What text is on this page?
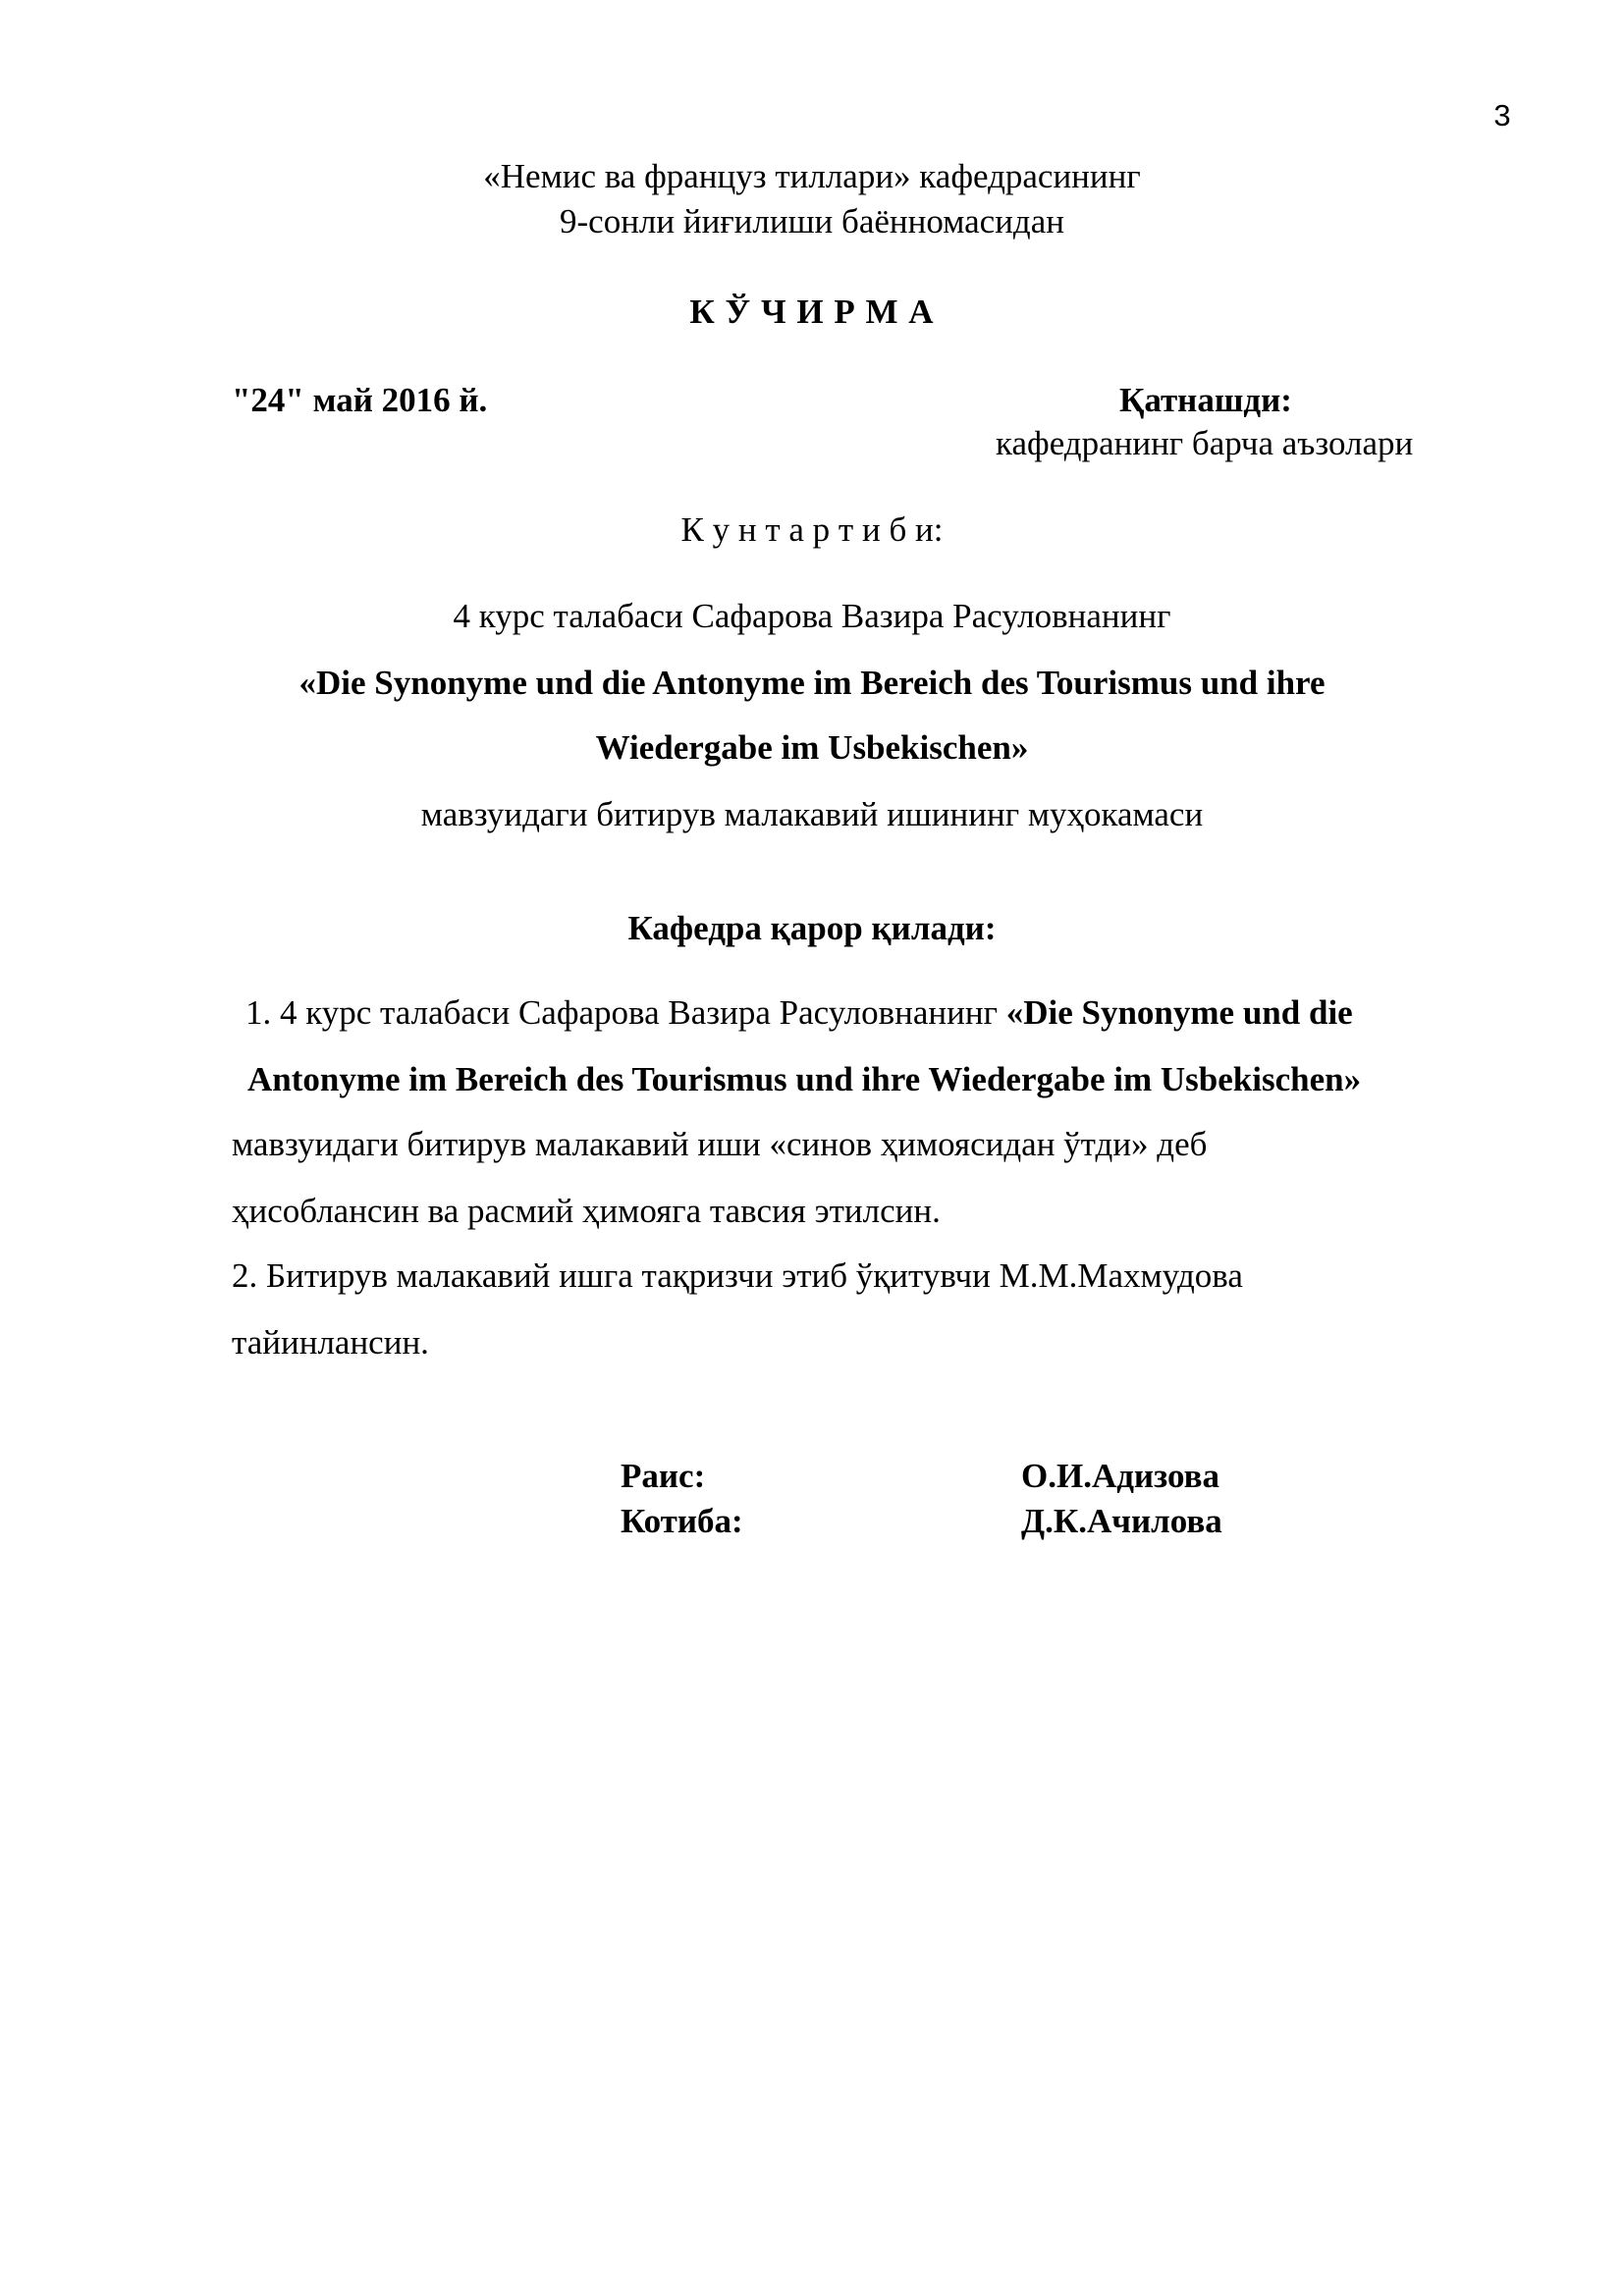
3
«Немис ва француз тиллари» кафедрасининг
9-сонли йиғилиши баённомасидан
К Ў Ч И Р М А
"24" май 2016 й.	Қатнашди:
кафедранинг барча аъзолари
К у н т а р т и б и:
4 курс талабаси Сафарова Вазира Расуловнанинг
«Die Synonyme und die Antonyme im Bereich des Tourismus und ihre
Wiedergabe im Usbekischen»
мавзуидаги битирув малакавий ишининг муҳокамаси
Кафедра қарор қилади:
1. 4 курс талабаси Сафарова Вазира Расуловнанинг «Die Synonyme und die
Antonyme im Bereich des Tourismus und ihre Wiedergabe im Usbekischen»
мавзуидаги битирув малакавий иши «синов ҳимоясидан ўтди» деб
ҳисоблансин ва расмий ҳимояга тавсия этилсин.
2. Битирув малакавий ишга тақризчи этиб ўқитувчи М.М.Махмудова
тайинлансин.
Раис:	О.И.Адизова
Котиба:	Д.К.Ачилова
